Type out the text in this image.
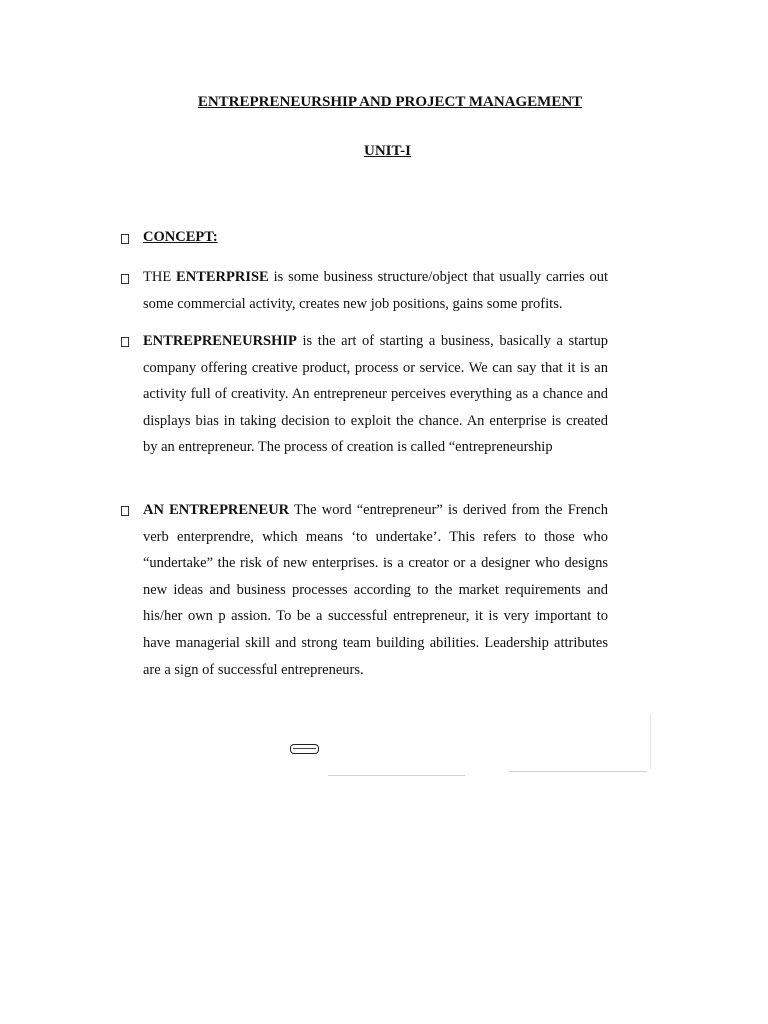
ENTREPRENEURSHIP AND PROJECT MANAGEMENT
UNIT-I

CONCEPT:

THE ENTERPRISE is some business structure/object that usually carries out some commercial activity, creates new job positions, gains some profits.

ENTREPRENEURSHIP is the art of starting a business, basically a startup company offering creative product, process or service. We can say that it is an activity full of creativity. An entrepreneur perceives everything as a chance and displays bias in taking decision to exploit the chance. An enterprise is created by an entrepreneur. The process of creation is called “entrepreneurship

AN ENTREPRENEUR The word “entrepreneur” is derived from the French verb enterprendre, which means ‘to undertake’. This refers to those who “undertake” the risk of new enterprises. is a creator or a designer who designs new ideas and business processes according to the market requirements and his/her own p assion. To be a successful entrepreneur, it is very important to have managerial skill and strong team building abilities. Leadership attributes are a sign of successful entrepreneurs.
